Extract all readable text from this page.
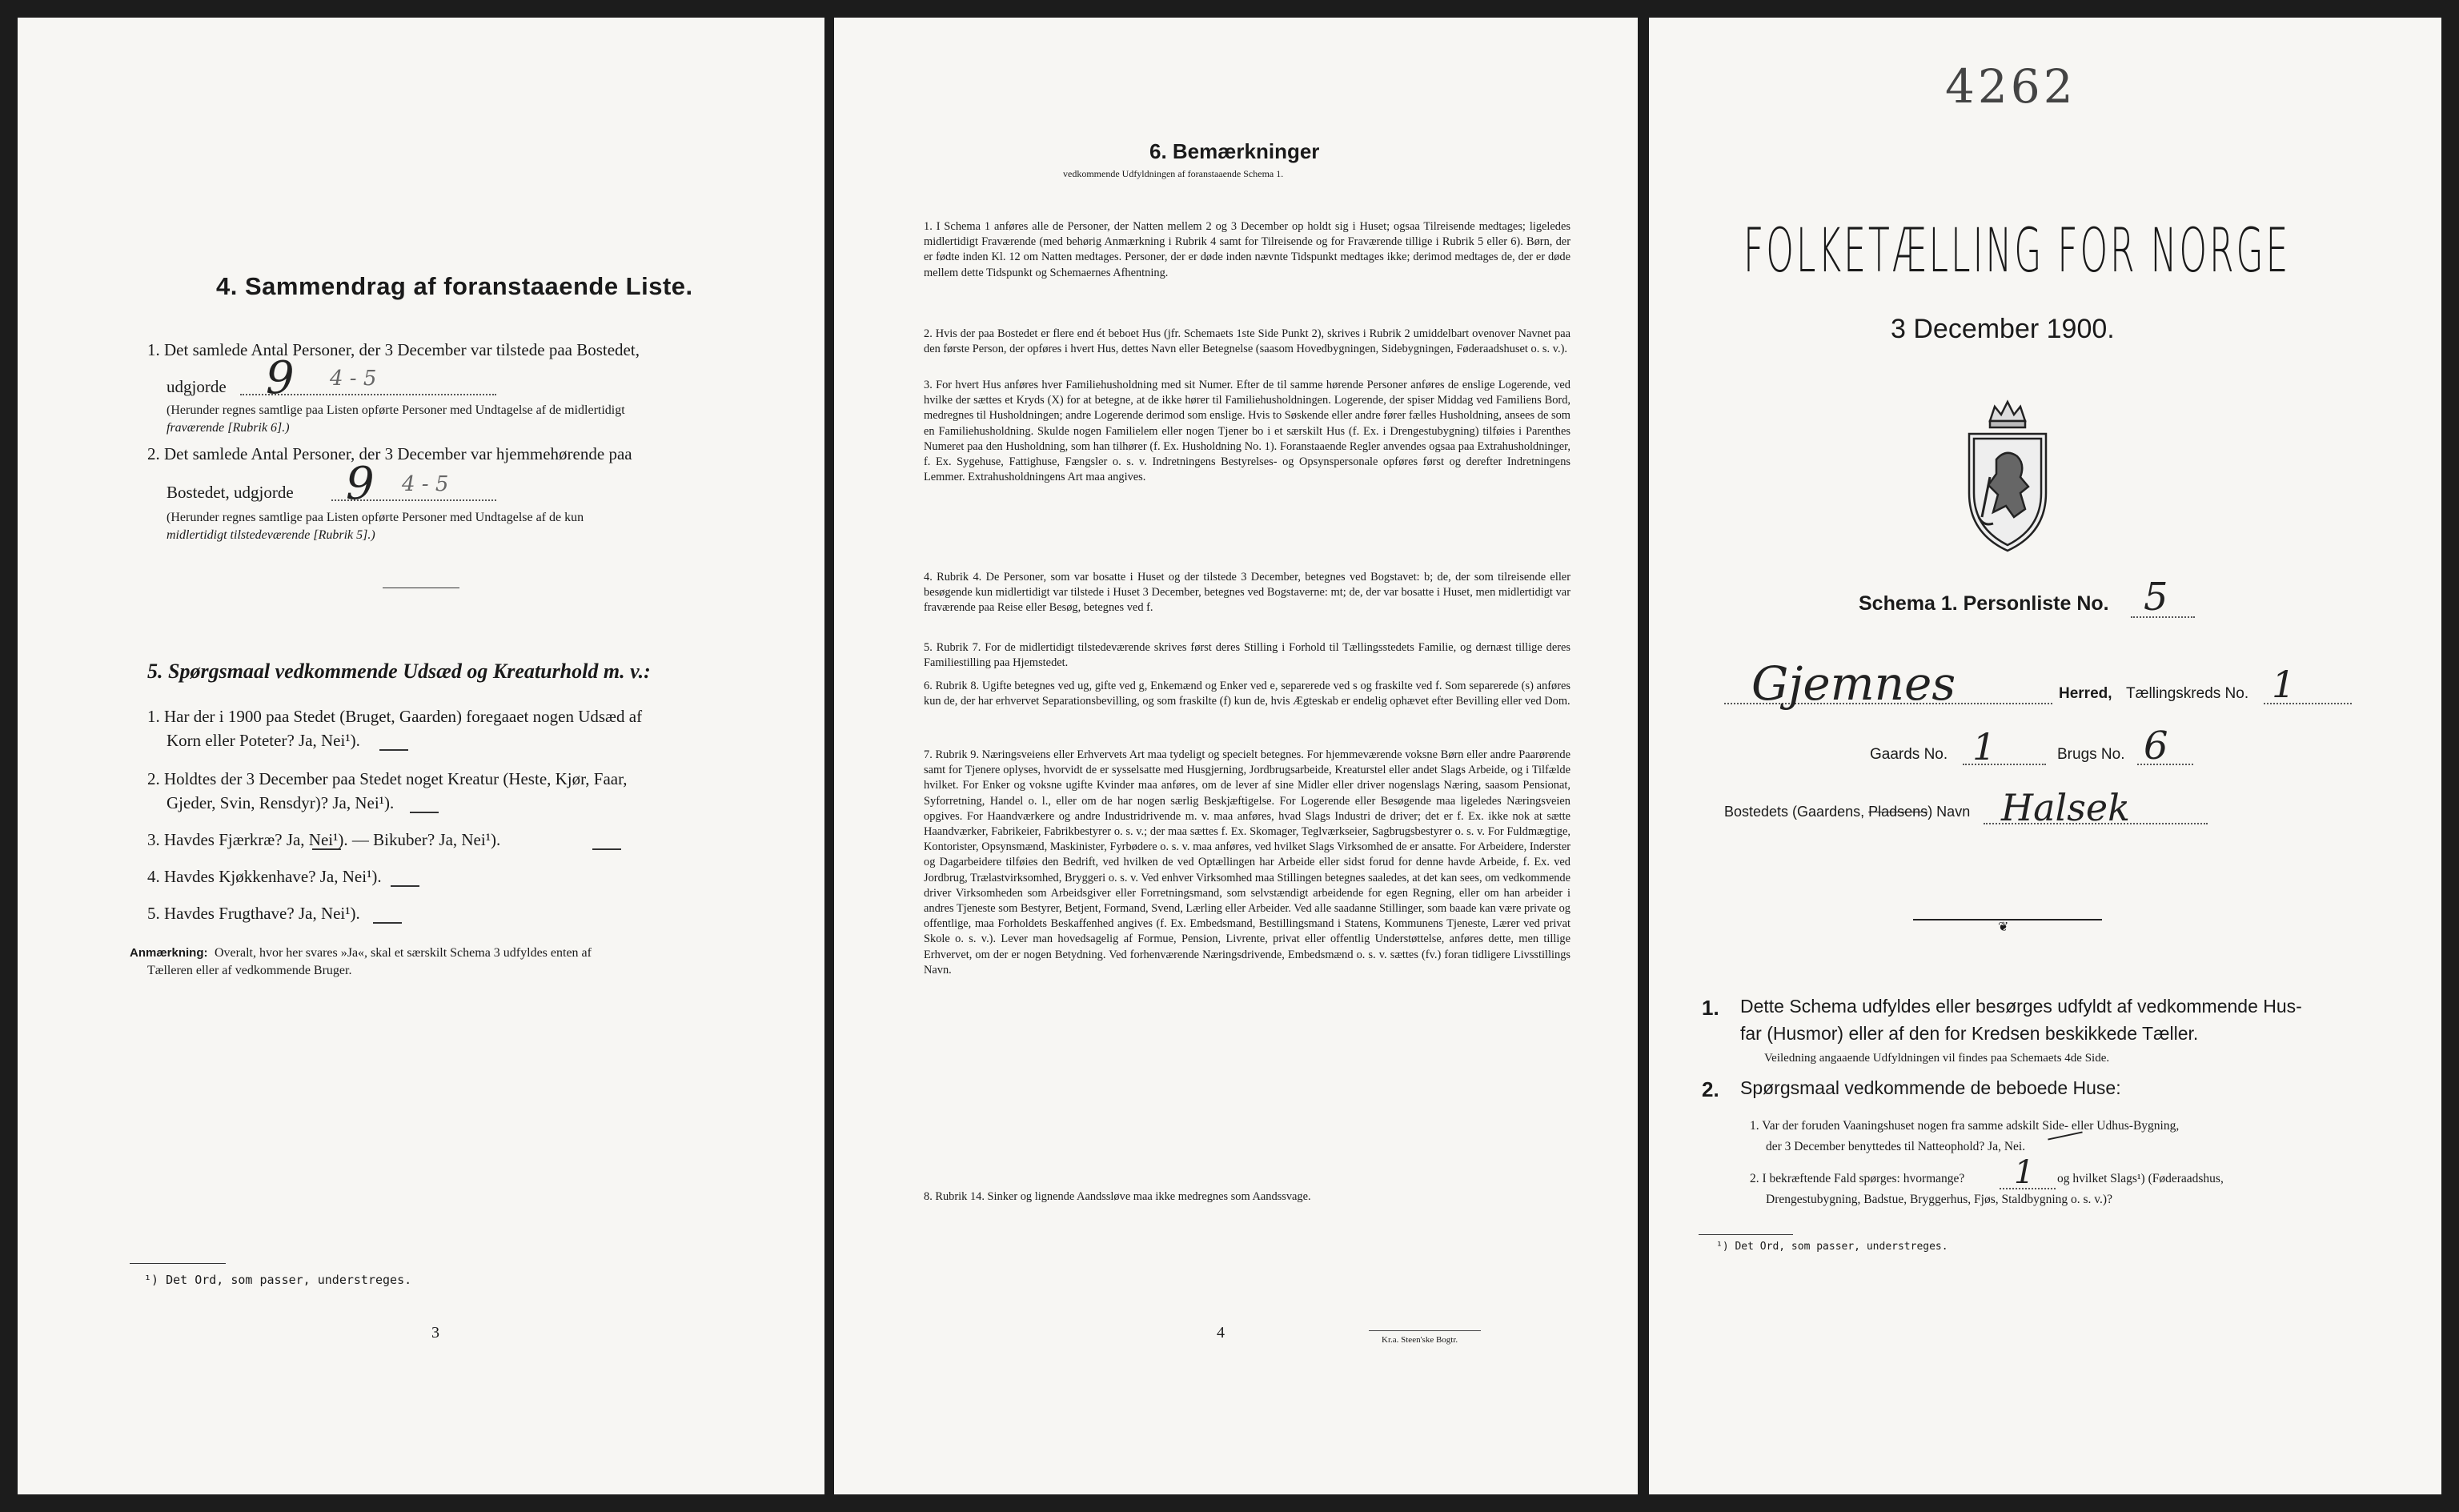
4. Sammendrag af foranstaaende Liste.
1. Det samlede Antal Personer, der 3 December var tilstede paa Bostedet,
udgjorde 9 4 - 5
(Herunder regnes samtlige paa Listen opførte Personer med Undtagelse af de midlertidigt
fraværende [Rubrik 6].)
2. Det samlede Antal Personer, der 3 December var hjemmehørende paa
Bostedet, udgjorde 9 4 - 5
(Herunder regnes samtlige paa Listen opførte Personer med Undtagelse af de kun
midlertidigt tilstedeværende [Rubrik 5].)
5. Spørgsmaal vedkommende Udsæd og Kreaturhold m. v.:
1. Har der i 1900 paa Stedet (Bruget, Gaarden) foregaaet nogen Udsæd af
Korn eller Poteter? Ja, Nei¹).
2. Holdtes der 3 December paa Stedet noget Kreatur (Heste, Kjør, Faar,
Gjeder, Svin, Rensdyr)? Ja, Nei¹).
3. Havdes Fjærkræ? Ja, Nei¹). — Bikuber? Ja, Nei¹).
4. Havdes Kjøkkenhave? Ja, Nei¹).
5. Havdes Frugthave? Ja, Nei¹).
Anmærkning: Overalt, hvor her svares »Ja«, skal et særskilt Schema 3 udfyldes enten af
Tælleren eller af vedkommende Bruger.
¹) Det Ord, som passer, understreges.
3
6. Bemærkninger
vedkommende Udfyldningen af foranstaaende Schema 1.
1. I Schema 1 anføres alle de Personer, der Natten mellem 2 og 3 December op holdt sig i Huset; ogsaa Tilreisende medtages; ligeledes midlertidigt Fraværende (med behørig Anmærkning i Rubrik 4 samt for Tilreisende og for Fraværende tillige i Rubrik 5 eller 6). Børn, der er fødte inden Kl. 12 om Natten medtages. Personer, der er døde inden nævnte Tidspunkt medtages ikke; derimod medtages de, der er døde mellem dette Tidspunkt og Schemaernes Afhentning.
2. Hvis der paa Bostedet er flere end ét beboet Hus (jfr. Schemaets 1ste Side Punkt 2), skrives i Rubrik 2 umiddelbart ovenover Navnet paa den første Person, der opføres i hvert Hus, dettes Navn eller Betegnelse (saasom Hovedbygningen, Sidebygningen, Føderaadshuset o. s. v.).
3. For hvert Hus anføres hver Familiehusholdning med sit Numer. Efter de til samme hørende Personer anføres de enslige Logerende, ved hvilke der sættes et Kryds (X) for at betegne, at de ikke hører til Familiehusholdningen. Logerende, der spiser Middag ved Familiens Bord, medregnes til Husholdningen; andre Logerende derimod som enslige. Hvis to Søskende eller andre fører fælles Husholdning, ansees de som en Familiehusholdning. Skulde nogen Familielem eller nogen Tjener bo i et særskilt Hus (f. Ex. i Drengestubygning) tilføies i Parenthes Numeret paa den Husholdning, som han tilhører (f. Ex. Husholdning No. 1). Foranstaaende Regler anvendes ogsaa paa Extrahusholdninger, f. Ex. Sygehuse, Fattighuse, Fængsler o. s. v. Indretningens Bestyrelses- og Opsynspersonale opføres først og derefter Indretningens Lemmer. Extrahusholdningens Art maa angives.
4. Rubrik 4. De Personer, som var bosatte i Huset og der tilstede 3 December, betegnes ved Bogstavet: b; de, der som tilreisende eller besøgende kun midlertidigt var tilstede i Huset 3 December, betegnes ved Bogstaverne: mt; de, der var bosatte i Huset, men midlertidigt var fraværende paa Reise eller Besøg, betegnes ved f.
5. Rubrik 7. For de midlertidigt tilstedeværende skrives først deres Stilling i Forhold til Tællingsstedets Familie, og dernæst tillige deres Familiestilling paa Hjemstedet.
6. Rubrik 8. Ugifte betegnes ved ug, gifte ved g, Enkemænd og Enker ved e, separerede ved s og fraskilte ved f. Som separerede (s) anføres kun de, der har erhvervet Separationsbevilling, og som fraskilte (f) kun de, hvis Ægteskab er endelig ophævet efter Bevilling eller ved Dom.
7. Rubrik 9. Næringsveiens eller Erhvervets Art maa tydeligt og specielt betegnes. For hjemmeværende voksne Børn eller andre Paarørende samt for Tjenere oplyses, hvorvidt de er sysselsatte med Husgjerning, Jordbrugsarbeide, Kreaturstel eller andet Slags Arbeide, og i Tilfælde hvilket. For Enker og voksne ugifte Kvinder maa anføres, om de lever af sine Midler eller driver nogenslags Næring, saasom Pensionat, Syforretning, Handel o. l., eller om de har nogen særlig Beskjæftigelse. For Logerende eller Besøgende maa ligeledes Næringsveien opgives. For Haandværkere og andre Industridrivende m. v. maa anføres, hvad Slags Industri de driver; det er f. Ex. ikke nok at sætte Haandværker, Fabrikeier, Fabrikbestyrer o. s. v.; der maa sættes f. Ex. Skomager, Teglværkseier, Sagbrugsbestyrer o. s. v. For Fuldmægtige, Kontorister, Opsynsmænd, Maskinister, Fyrbødere o. s. v. maa anføres, ved hvilket Slags Virksomhed de er ansatte. For Arbeidere, Inderster og Dagarbeidere tilføies den Bedrift, ved hvilken de ved Optællingen har Arbeide eller sidst forud for denne havde Arbeide, f. Ex. ved Jordbrug, Trælastvirksomhed, Bryggeri o. s. v. Ved enhver Virksomhed maa Stillingen betegnes saaledes, at det kan sees, om vedkommende driver Virksomheden som Arbeidsgiver eller Forretningsmand, som selvstændigt arbeidende for egen Regning, eller om han arbeider i andres Tjeneste som Bestyrer, Betjent, Formand, Svend, Lærling eller Arbeider. Ved alle saadanne Stillinger, som baade kan være private og offentlige, maa Forholdets Beskaffenhed angives (f. Ex. Embedsmand, Bestillingsmand i Statens, Kommunens Tjeneste, Lærer ved privat Skole o. s. v.). Lever man hovedsagelig af Formue, Pension, Livrente, privat eller offentlig Understøttelse, anføres dette, men tillige Erhvervet, om der er nogen Betydning. Ved forhenværende Næringsdrivende, Embedsmænd o. s. v. sættes (fv.) foran tidligere Livsstillings Navn.
8. Rubrik 14. Sinker og lignende Aandssløve maa ikke medregnes som Aandssvage.
4	Kr.a. Steen'ske Bogtr.
4262
FOLKETÆLLING FOR NORGE
3 December 1900.
Schema 1. Personliste No. 5
Gjemnes	Herred, Tællingskreds No. 1
Gaards No. 1	Brugs No. 6
Bostedets (Gaardens, Pladsens) Navn Halsek
❦
1. Dette Schema udfyldes eller besørges udfyldt af vedkommende Hus-
far (Husmor) eller af den for Kredsen beskikkede Tæller.
Veiledning angaaende Udfyldningen vil findes paa Schemaets 4de Side.
2. Spørgsmaal vedkommende de beboede Huse:
1. Var der foruden Vaaningshuset nogen fra samme adskilt Side- eller Udhus-Bygning,
der 3 December benyttedes til Natteophold? Ja, Nei.
2. I bekræftende Fald spørges: hvormange? 1 og hvilket Slags¹) (Føderaadshus,
Drengestubygning, Badstue, Bryggerhus, Fjøs, Staldbygning o. s. v.)?
¹) Det Ord, som passer, understreges.
